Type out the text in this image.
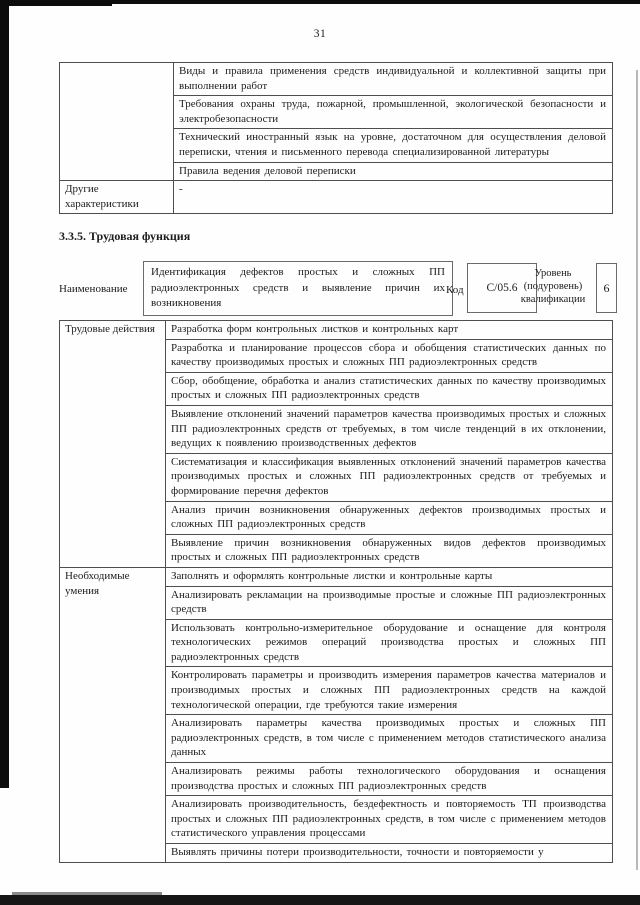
31
	Виды и правила применения средств индивидуальной и коллективной защиты при выполнении работ
	Требования охраны труда, пожарной, промышленной, экологической безопасности и электробезопасности
	Технический иностранный язык на уровне, достаточном для осуществления деловой переписки, чтения и письменного перевода специализированной литературы
	Правила ведения деловой переписки
Другие характеристики	-
3.3.5. Трудовая функция
Наименование
Идентификация дефектов простых и сложных ПП радиоэлектронных средств и выявление причин их возникновения
Код	С/05.6
Уровень (подуровень) квалификации
6
Трудовые действия	Разработка форм контрольных листков и контрольных карт
	Разработка и планирование процессов сбора и обобщения статистических данных по качеству производимых простых и сложных ПП радиоэлектронных средств
	Сбор, обобщение, обработка и анализ статистических данных по качеству производимых простых и сложных ПП радиоэлектронных средств
	Выявление отклонений значений параметров качества производимых простых и сложных ПП радиоэлектронных средств от требуемых, в том числе тенденций в их отклонении, ведущих к появлению производственных дефектов
	Систематизация и классификация выявленных отклонений значений параметров качества производимых простых и сложных ПП радиоэлектронных средств от требуемых и формирование перечня дефектов
	Анализ причин возникновения обнаруженных дефектов производимых простых и сложных ПП радиоэлектронных средств
	Выявление причин возникновения обнаруженных видов дефектов производимых простых и сложных ПП радиоэлектронных средств
Необходимые умения	Заполнять и оформлять контрольные листки и контрольные карты
	Анализировать рекламации на производимые простые и сложные ПП радиоэлектронных средств
	Использовать контрольно-измерительное оборудование и оснащение для контроля технологических режимов операций производства простых и сложных ПП радиоэлектронных средств
	Контролировать параметры и производить измерения параметров качества материалов и производимых простых и сложных ПП радиоэлектронных средств на каждой технологической операции, где требуются такие измерения
	Анализировать параметры качества производимых простых и сложных ПП радиоэлектронных средств, в том числе с применением методов статистического анализа данных
	Анализировать режимы работы технологического оборудования и оснащения производства простых и сложных ПП радиоэлектронных средств
	Анализировать производительность, бездефектность и повторяемость ТП производства простых и сложных ПП радиоэлектронных средств, в том числе с применением методов статистического управления процессами
	Выявлять причины потери производительности, точности и повторяемости у
